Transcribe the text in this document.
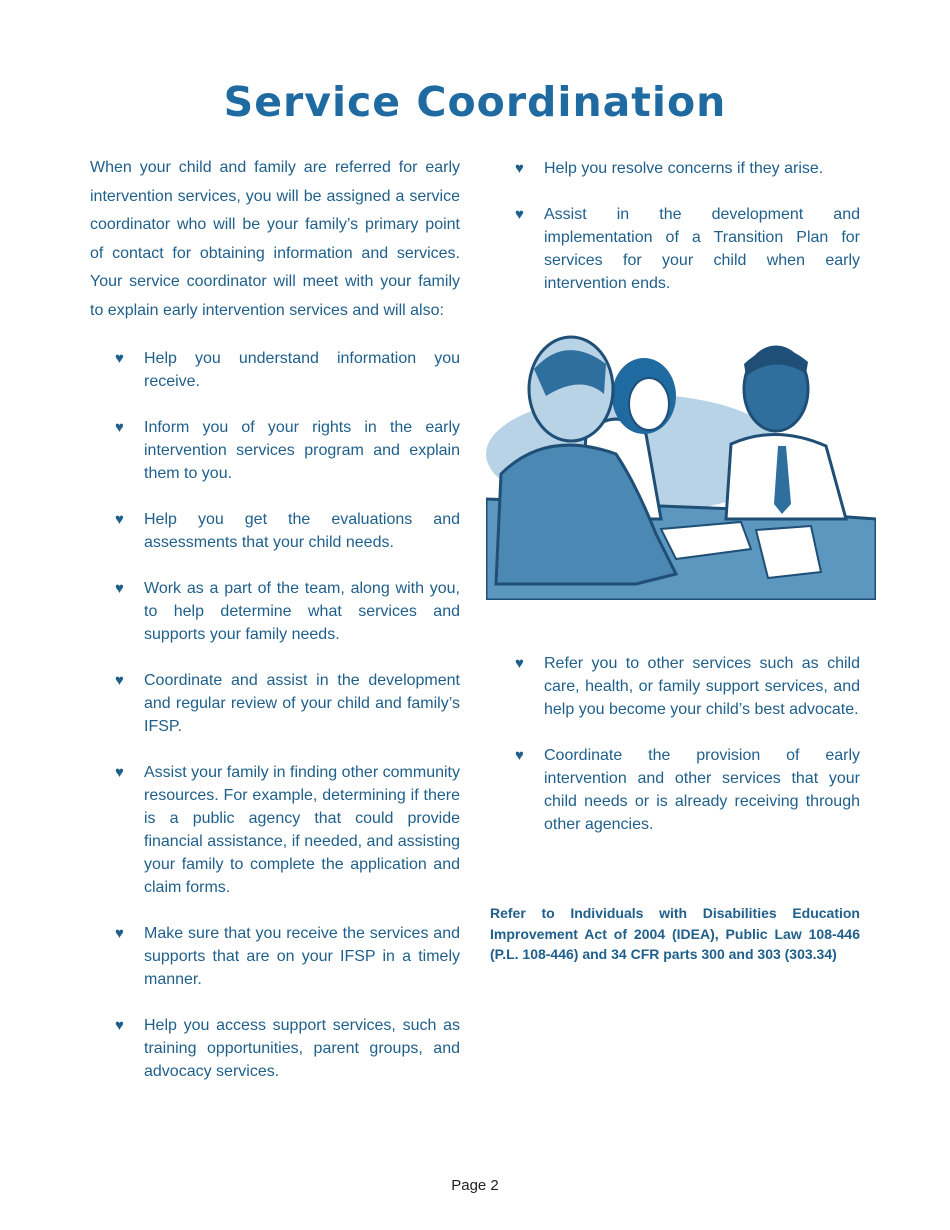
Service Coordination

When your child and family are referred for early intervention services, you will be assigned a service coordinator who will be your family’s primary point of contact for obtaining information and services. Your service coordinator will meet with your family to explain early intervention services and will also:

♥ Help you understand information you receive.
♥ Inform you of your rights in the early intervention services program and explain them to you.
♥ Help you get the evaluations and assessments that your child needs.
♥ Work as a part of the team, along with you, to help determine what services and supports your family needs.
♥ Coordinate and assist in the development and regular review of your child and family’s IFSP.
♥ Assist your family in finding other community resources. For example, determining if there is a public agency that could provide financial assistance, if needed, and assisting your family to complete the application and claim forms.
♥ Make sure that you receive the services and supports that are on your IFSP in a timely manner.
♥ Help you access support services, such as training opportunities, parent groups, and advocacy services.
♥ Help you resolve concerns if they arise.
♥ Assist in the development and implementation of a Transition Plan for services for your child when early intervention ends.
♥ Refer you to other services such as child care, health, or family support services, and help you become your child’s best advocate.
♥ Coordinate the provision of early intervention and other services that your child needs or is already receiving through other agencies.

Refer to Individuals with Disabilities Education Improvement Act of 2004 (IDEA), Public Law 108-446 (P.L. 108-446) and 34 CFR parts 300 and 303 (303.34)

Page 2
